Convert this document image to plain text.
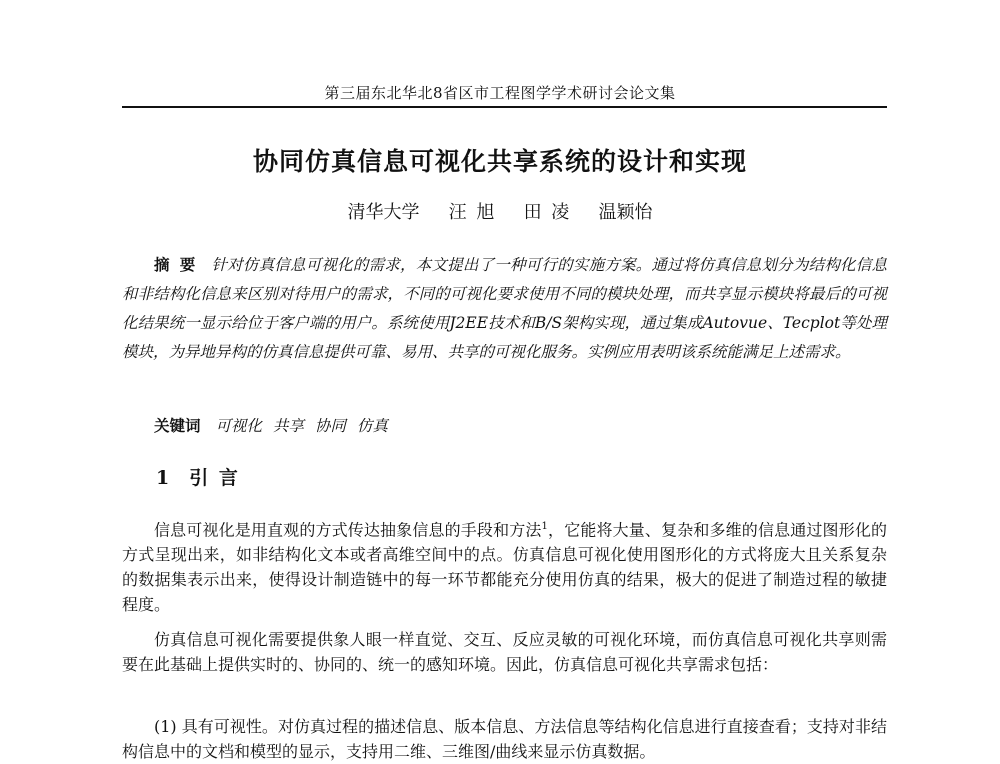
第三届东北华北8省区市工程图学学术研讨会论文集
协同仿真信息可视化共享系统的设计和实现
清华大学 汪 旭 田 凌 温颖怡
摘要 针对仿真信息可视化的需求，本文提出了一种可行的实施方案。通过将仿真信息划分为结构化信息和非结构化信息来区别对待用户的需求，不同的可视化要求使用不同的模块处理，而共享显示模块将最后的可视化结果统一显示给位于客户端的用户。系统使用J2EE技术和B/S架构实现，通过集成Autovue、Tecplot等处理模块，为异地异构的仿真信息提供可靠、易用、共享的可视化服务。实例应用表明该系统能满足上述需求。
关键词 可视化 共享 协同 仿真
1 引 言
信息可视化是用直观的方式传达抽象信息的手段和方法$^1$，它能将大量、复杂和多维的信息通过图形化的方式呈现出来，如非结构化文本或者高维空间中的点。仿真信息可视化使用图形化的方式将庞大且关系复杂的数据集表示出来，使得设计制造链中的每一环节都能充分使用仿真的结果，极大的促进了制造过程的敏捷程度。
仿真信息可视化需要提供象人眼一样直觉、交互、反应灵敏的可视化环境，而仿真信息可视化共享则需要在此基础上提供实时的、协同的、统一的感知环境。因此，仿真信息可视化共享需求包括：
(1) 具有可视性。对仿真过程的描述信息、版本信息、方法信息等结构化信息进行直接查看；支持对非结构信息中的文档和模型的显示，支持用二维、三维图/曲线来显示仿真数据。
